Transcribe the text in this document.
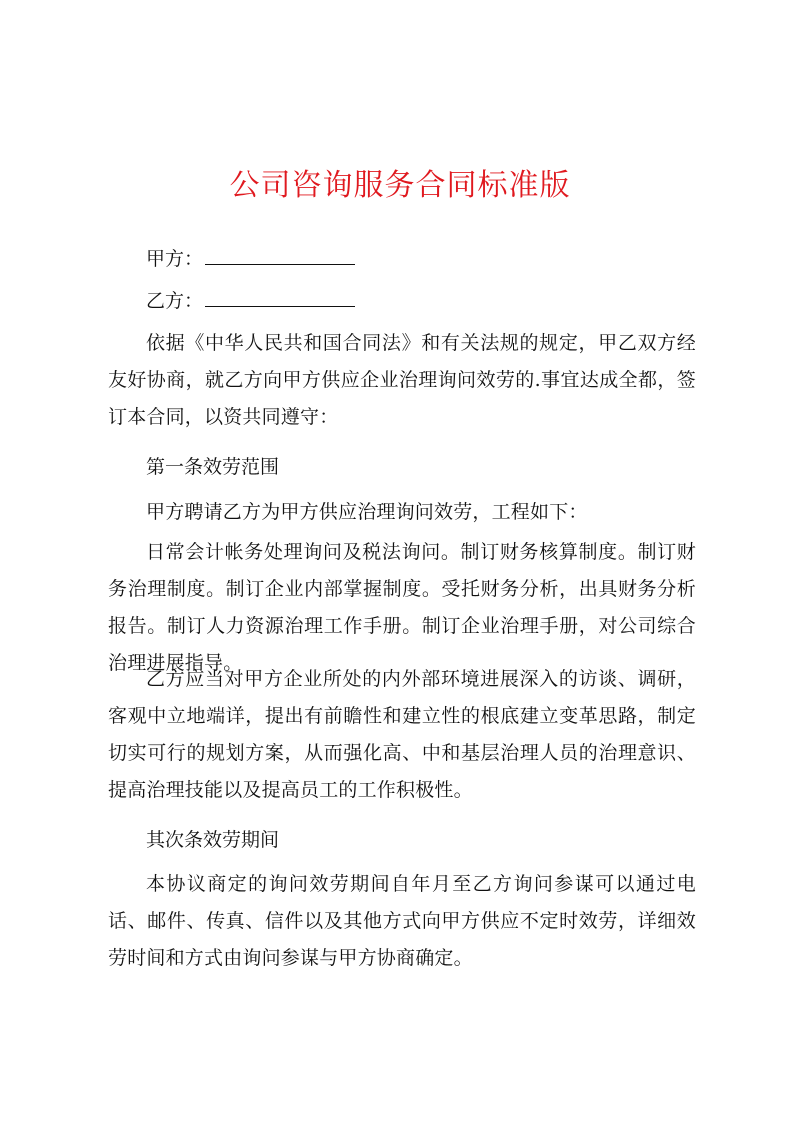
公司咨询服务合同标准版
甲方：
乙方：
依据《中华人民共和国合同法》和有关法规的规定，甲乙双方经友好协商，就乙方向甲方供应企业治理询问效劳的.事宜达成全都，签订本合同，以资共同遵守：
第一条效劳范围
甲方聘请乙方为甲方供应治理询问效劳，工程如下：
日常会计帐务处理询问及税法询问。制订财务核算制度。制订财务治理制度。制订企业内部掌握制度。受托财务分析，出具财务分析报告。制订人力资源治理工作手册。制订企业治理手册，对公司综合治理进展指导。
乙方应当对甲方企业所处的内外部环境进展深入的访谈、调研，客观中立地端详，提出有前瞻性和建立性的根底建立变革思路，制定切实可行的规划方案，从而强化高、中和基层治理人员的治理意识、提高治理技能以及提高员工的工作积极性。
其次条效劳期间
本协议商定的询问效劳期间自年月至乙方询问参谋可以通过电话、邮件、传真、信件以及其他方式向甲方供应不定时效劳，详细效劳时间和方式由询问参谋与甲方协商确定。
